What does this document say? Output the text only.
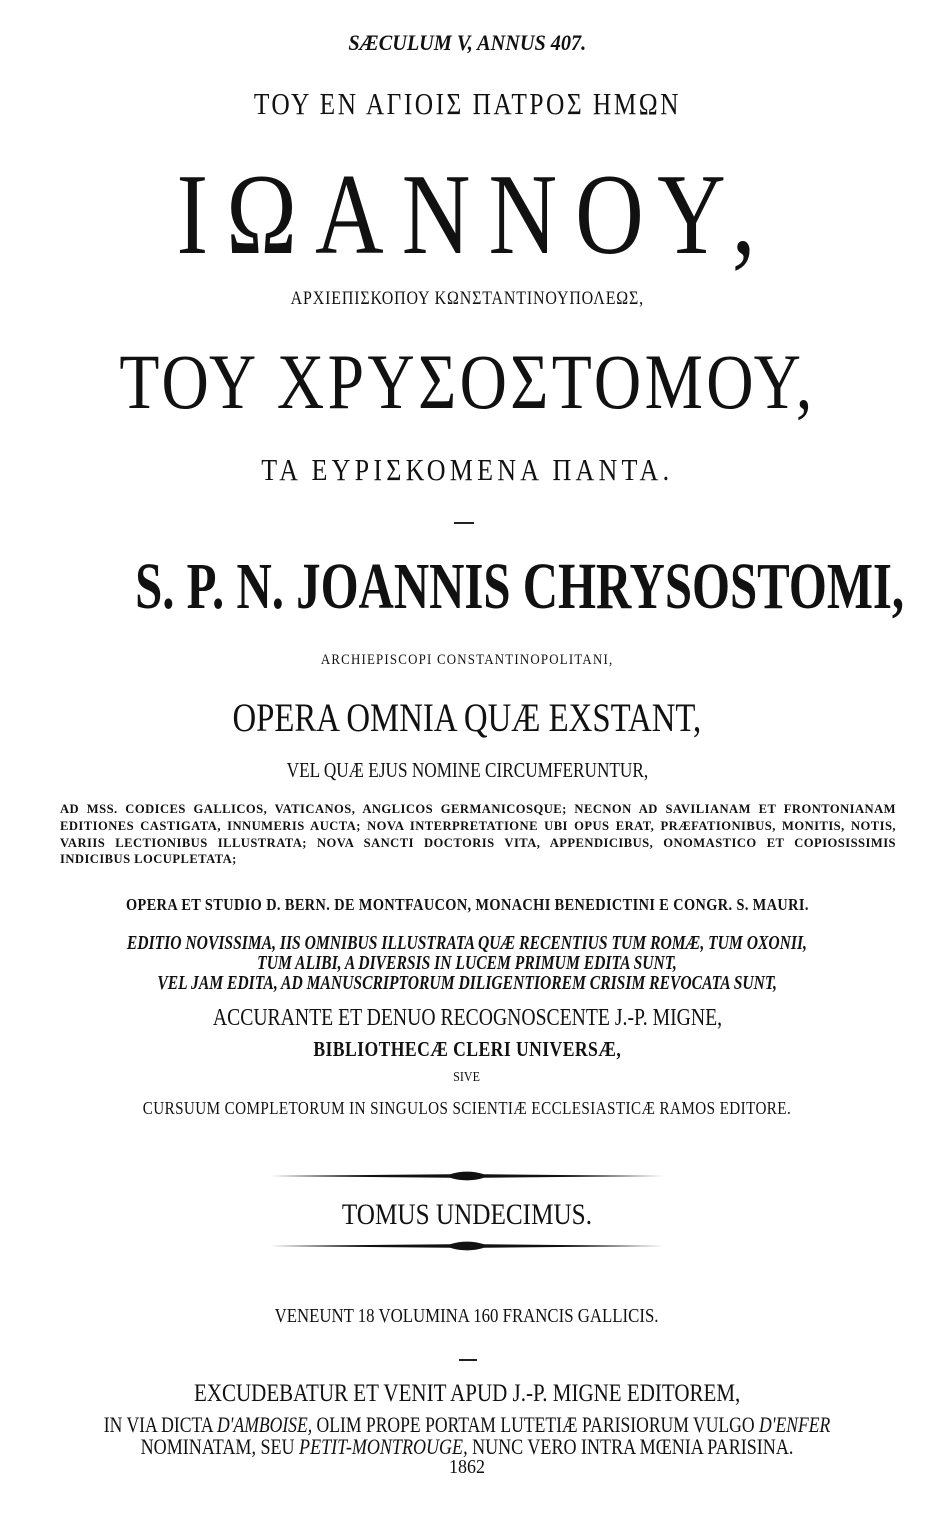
SÆCULUM V, ANNUS 407.
ΤΟΥ ΕΝ ΑΓΙΟΙΣ ΠΑΤΡΟΣ ΗΜΩΝ
ΙΩΑΝΝΟΥ,
ΑΡΧΙΕΠΙΣΚΟΠΟΥ ΚΩΝΣΤΑΝΤΙΝΟΥΠΟΛΕΩΣ,
ΤΟΥ ΧΡΥΣΟΣΤΟΜΟΥ,
ΤΑ ΕΥΡΙΣΚΟΜΕΝΑ ΠΑΝΤΑ.
S. P. N. JOANNIS CHRYSOSTOMI,
ARCHIEPISCOPI CONSTANTINOPOLITANI,
OPERA OMNIA QUÆ EXSTANT,
VEL QUÆ EJUS NOMINE CIRCUMFERUNTUR,
AD MSS. CODICES GALLICOS, VATICANOS, ANGLICOS GERMANICOSQUE; NECNON AD SAVILIANAM ET FRONTONIANAM EDITIONES CASTIGATA, INNUMERIS AUCTA; NOVA INTERPRETATIONE UBI OPUS ERAT, PRÆFATIONIBUS, MONITIS, NOTIS, VARIIS LECTIONIBUS ILLUSTRATA; NOVA SANCTI DOCTORIS VITA, APPENDICIBUS, ONOMASTICO ET COPIOSISSIMIS INDICIBUS LOCUPLETATA;
OPERA ET STUDIO D. BERN. DE MONTFAUCON, MONACHI BENEDICTINI E CONGR. S. MAURI.
EDITIO NOVISSIMA, IIS OMNIBUS ILLUSTRATA QUÆ RECENTIUS TUM ROMÆ, TUM OXONII,
TUM ALIBI, A DIVERSIS IN LUCEM PRIMUM EDITA SUNT,
VEL JAM EDITA, AD MANUSCRIPTORUM DILIGENTIOREM CRISIM REVOCATA SUNT,
ACCURANTE ET DENUO RECOGNOSCENTE J.-P. MIGNE,
BIBLIOTHECÆ CLERI UNIVERSÆ,
SIVE
CURSUUM COMPLETORUM IN SINGULOS SCIENTIÆ ECCLESIASTICÆ RAMOS EDITORE.
TOMUS UNDECIMUS.
VENEUNT 18 VOLUMINA 160 FRANCIS GALLICIS.
EXCUDEBATUR ET VENIT APUD J.-P. MIGNE EDITOREM,
IN VIA DICTA D'AMBOISE, OLIM PROPE PORTAM LUTETIÆ PARISIORUM VULGO D'ENFER
NOMINATAM, SEU PETIT-MONTROUGE, NUNC VERO INTRA MŒNIA PARISINA.
1862
